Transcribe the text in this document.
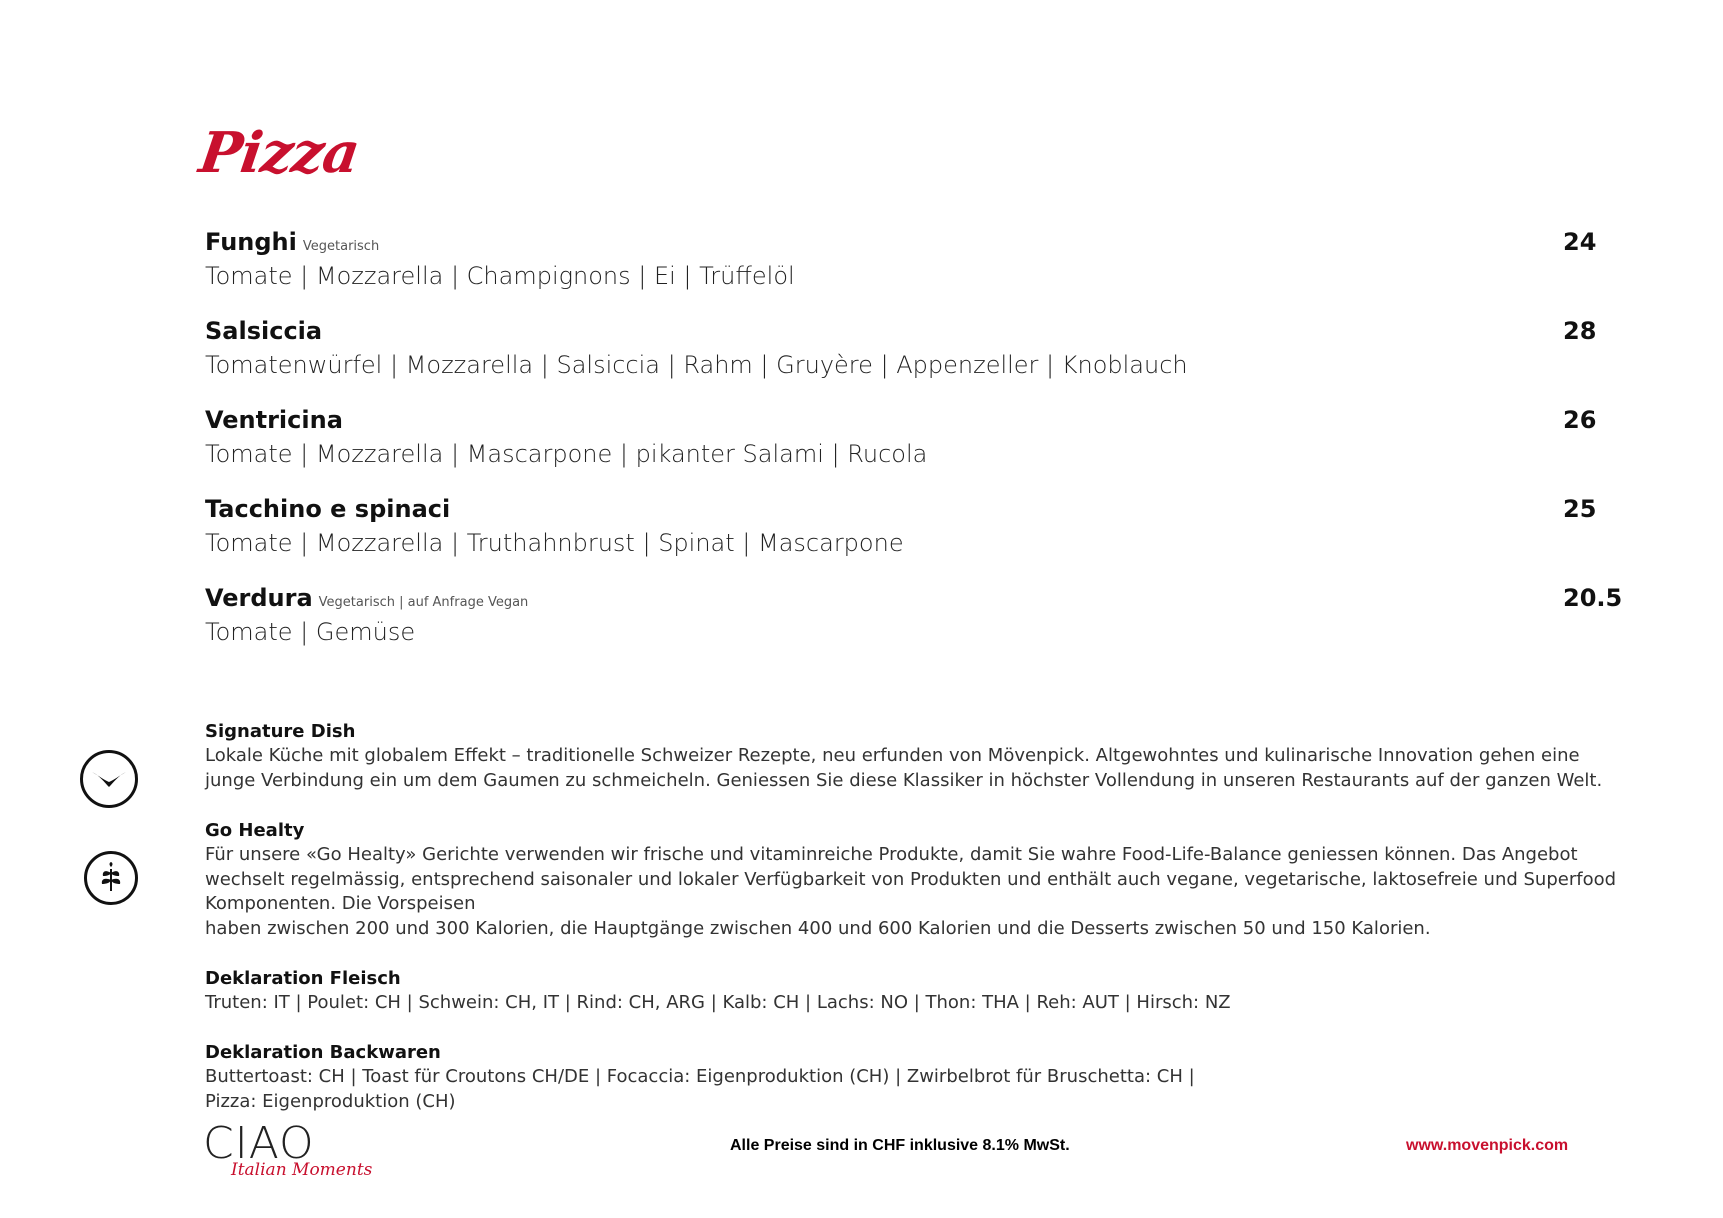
Pizza
Funghi Vegetarisch	24
Tomate | Mozzarella | Champignons | Ei | Trüffelöl
Salsiccia	28
Tomatenwürfel | Mozzarella | Salsiccia | Rahm | Gruyère | Appenzeller | Knoblauch
Ventricina	26
Tomate | Mozzarella | Mascarpone | pikanter Salami | Rucola
Tacchino e spinaci	25
Tomate | Mozzarella | Truthahnbrust | Spinat | Mascarpone
Verdura Vegetarisch | auf Anfrage Vegan	20.5
Tomate | Gemüse
Signature Dish
Lokale Küche mit globalem Effekt – traditionelle Schweizer Rezepte, neu erfunden von Mövenpick. Altgewohntes und kulinarische Innovation gehen eine junge Verbindung ein um dem Gaumen zu schmeicheln. Geniessen Sie diese Klassiker in höchster Vollendung in unseren Restaurants auf der ganzen Welt.
Go Healty
Für unsere «Go Healty» Gerichte verwenden wir frische und vitaminreiche Produkte, damit Sie wahre Food-Life-Balance geniessen können. Das Angebot wechselt regelmässig, entsprechend saisonaler und lokaler Verfügbarkeit von Produkten und enthält auch vegane, vegetarische, laktosefreie und Superfood Komponenten. Die Vorspeisen
haben zwischen 200 und 300 Kalorien, die Hauptgänge zwischen 400 und 600 Kalorien und die Desserts zwischen 50 und 150 Kalorien.
Deklaration Fleisch
Truten: IT | Poulet: CH | Schwein: CH, IT | Rind: CH, ARG | Kalb: CH | Lachs: NO | Thon: THA | Reh: AUT | Hirsch: NZ
Deklaration Backwaren
Buttertoast: CH | Toast für Croutons CH/DE | Focaccia: Eigenproduktion (CH) | Zwirbelbrot für Bruschetta: CH |
Pizza: Eigenproduktion (CH)
CIAO
Italian Moments
Alle Preise sind in CHF inklusive 8.1% MwSt.	www.movenpick.com
